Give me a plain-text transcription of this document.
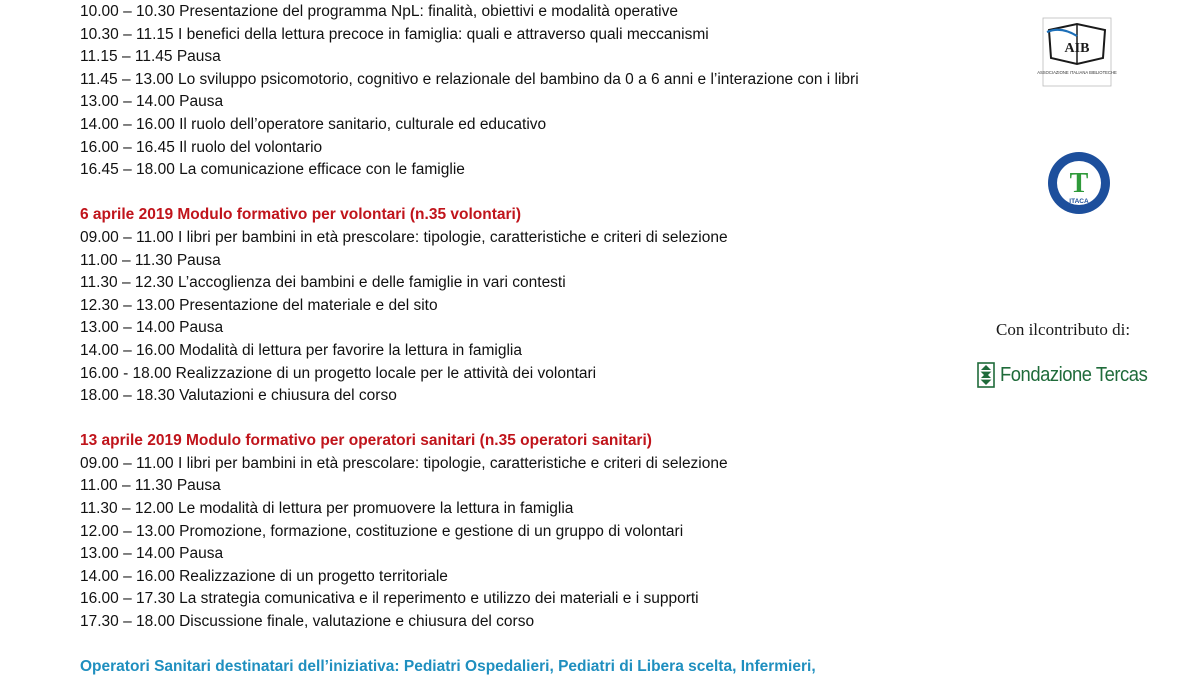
10.00 – 10.30 Presentazione del programma NpL: finalità, obiettivi e modalità operative
10.30 – 11.15 I benefici della lettura precoce in famiglia: quali e attraverso quali meccanismi
11.15 – 11.45 Pausa
11.45 – 13.00 Lo sviluppo psicomotorio, cognitivo e relazionale del bambino da 0 a 6 anni e l’interazione con i libri
13.00 – 14.00 Pausa
14.00 – 16.00 Il ruolo dell’operatore sanitario, culturale ed educativo
16.00 – 16.45 Il ruolo del volontario
16.45 – 18.00 La comunicazione efficace con le famiglie
6 aprile 2019 Modulo formativo per volontari (n.35 volontari)
09.00 – 11.00 I libri per bambini in età prescolare: tipologie, caratteristiche e criteri di selezione
11.00 – 11.30 Pausa
11.30 – 12.30 L’accoglienza dei bambini e delle famiglie in vari contesti
12.30 – 13.00 Presentazione del materiale e del sito
13.00 – 14.00 Pausa
14.00 – 16.00 Modalità di lettura per favorire la lettura in famiglia
16.00 - 18.00 Realizzazione di un progetto locale per le attività dei volontari
18.00 – 18.30 Valutazioni e chiusura del corso
13 aprile 2019 Modulo formativo per operatori sanitari (n.35 operatori sanitari)
09.00 – 11.00 I libri per bambini in età prescolare: tipologie, caratteristiche e criteri di selezione
11.00 – 11.30 Pausa
11.30 – 12.00 Le modalità di lettura per promuovere la lettura in famiglia
12.00 – 13.00 Promozione, formazione, costituzione e gestione di un gruppo di volontari
13.00 – 14.00 Pausa
14.00 – 16.00 Realizzazione di un progetto territoriale
16.00 – 17.30 La strategia comunicativa e il reperimento e utilizzo dei materiali e i supporti
17.30 – 18.00 Discussione finale, valutazione e chiusura del corso
Operatori Sanitari destinatari dell’iniziativa: Pediatri Ospedalieri, Pediatri di Libera scelta, Infermieri,
AIB
ASSOCIAZIONE ITALIANA BIBLIOTECHE
T
ITACA
Con ilcontributo di:
Fondazione Tercas
